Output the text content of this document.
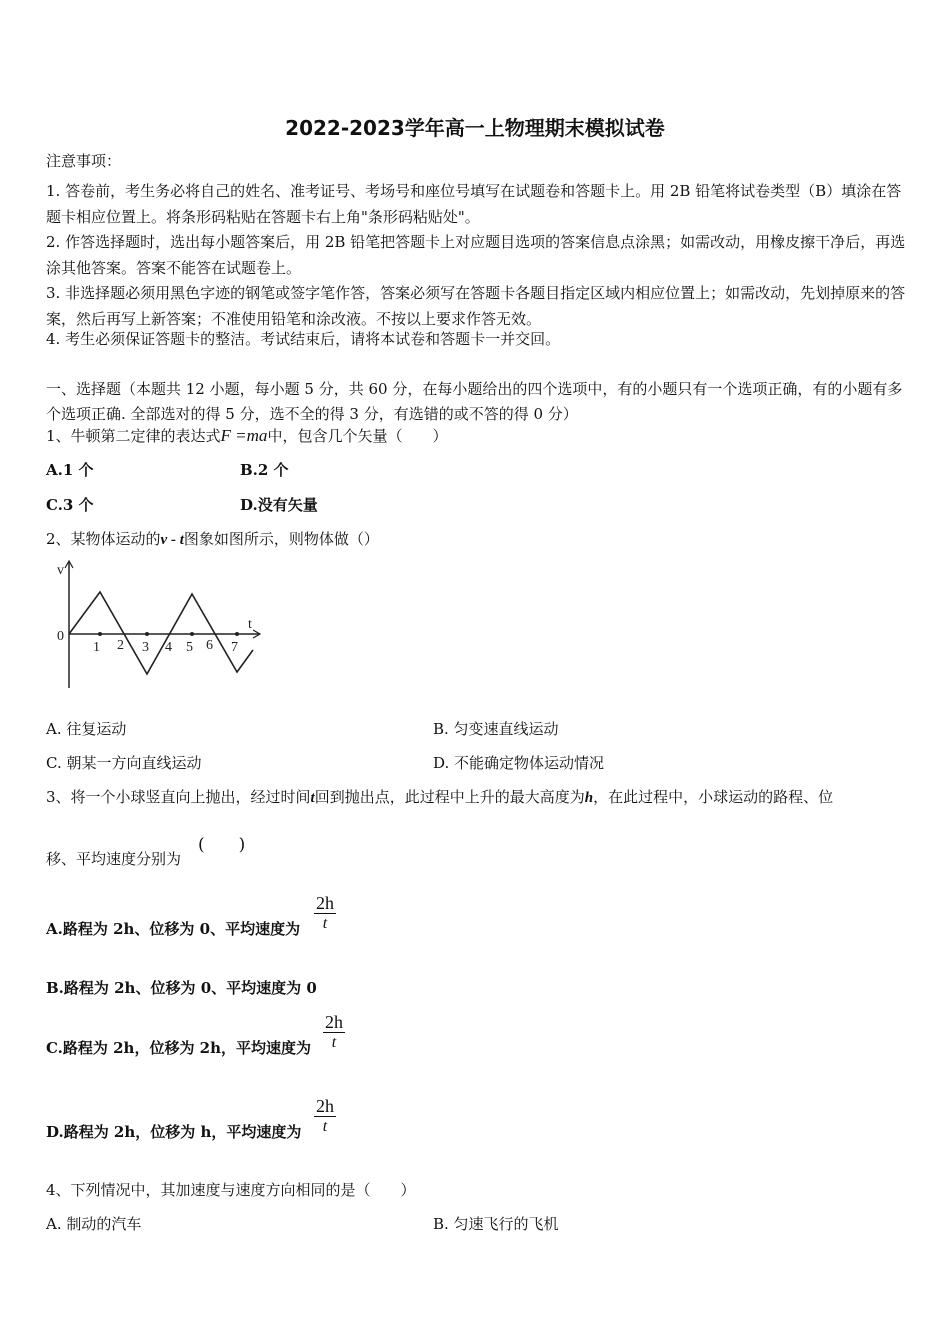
2022-2023学年高一上物理期末模拟试卷
注意事项：
1. 答卷前，考生务必将自己的姓名、准考证号、考场号和座位号填写在试题卷和答题卡上。用 2B 铅笔将试卷类型（B）填涂在答题卡相应位置上。将条形码粘贴在答题卡右上角"条形码粘贴处"。
2. 作答选择题时，选出每小题答案后，用 2B 铅笔把答题卡上对应题目选项的答案信息点涂黑；如需改动，用橡皮擦干净后，再选涂其他答案。答案不能答在试题卷上。
3. 非选择题必须用黑色字迹的钢笔或签字笔作答，答案必须写在答题卡各题目指定区域内相应位置上；如需改动，先划掉原来的答案，然后再写上新答案；不准使用铅笔和涂改液。不按以上要求作答无效。
4. 考生必须保证答题卡的整洁。考试结束后，请将本试卷和答题卡一并交回。
一、选择题（本题共 12 小题，每小题 5 分，共 60 分，在每小题给出的四个选项中，有的小题只有一个选项正确，有的小题有多个选项正确. 全部选对的得 5 分，选不全的得 3 分，有选错的或不答的得 0 分）
1、牛顿第二定律的表达式F =ma中，包含几个矢量（　　）
A.1 个	B.2 个
C.3 个	D.没有矢量
2、某物体运动的v - t图象如图所示，则物体做（）
v
t
0
1 2 3 4 5 6 7
A. 往复运动	B. 匀变速直线运动
C. 朝某一方向直线运动	D. 不能确定物体运动情况
3、将一个小球竖直向上抛出，经过时间t回到抛出点，此过程中上升的最大高度为h，在此过程中，小球运动的路程、位
移、平均速度分别为
(　　)
A.路程为 2h、位移为 0、平均速度为 $\frac{2h}{t}$
B.路程为 2h、位移为 0、平均速度为 0
C.路程为 2h，位移为 2h，平均速度为 $\frac{2h}{t}$
D.路程为 2h，位移为 h，平均速度为 $\frac{2h}{t}$
4、下列情况中，其加速度与速度方向相同的是（　　）
A. 制动的汽车	B. 匀速飞行的飞机
